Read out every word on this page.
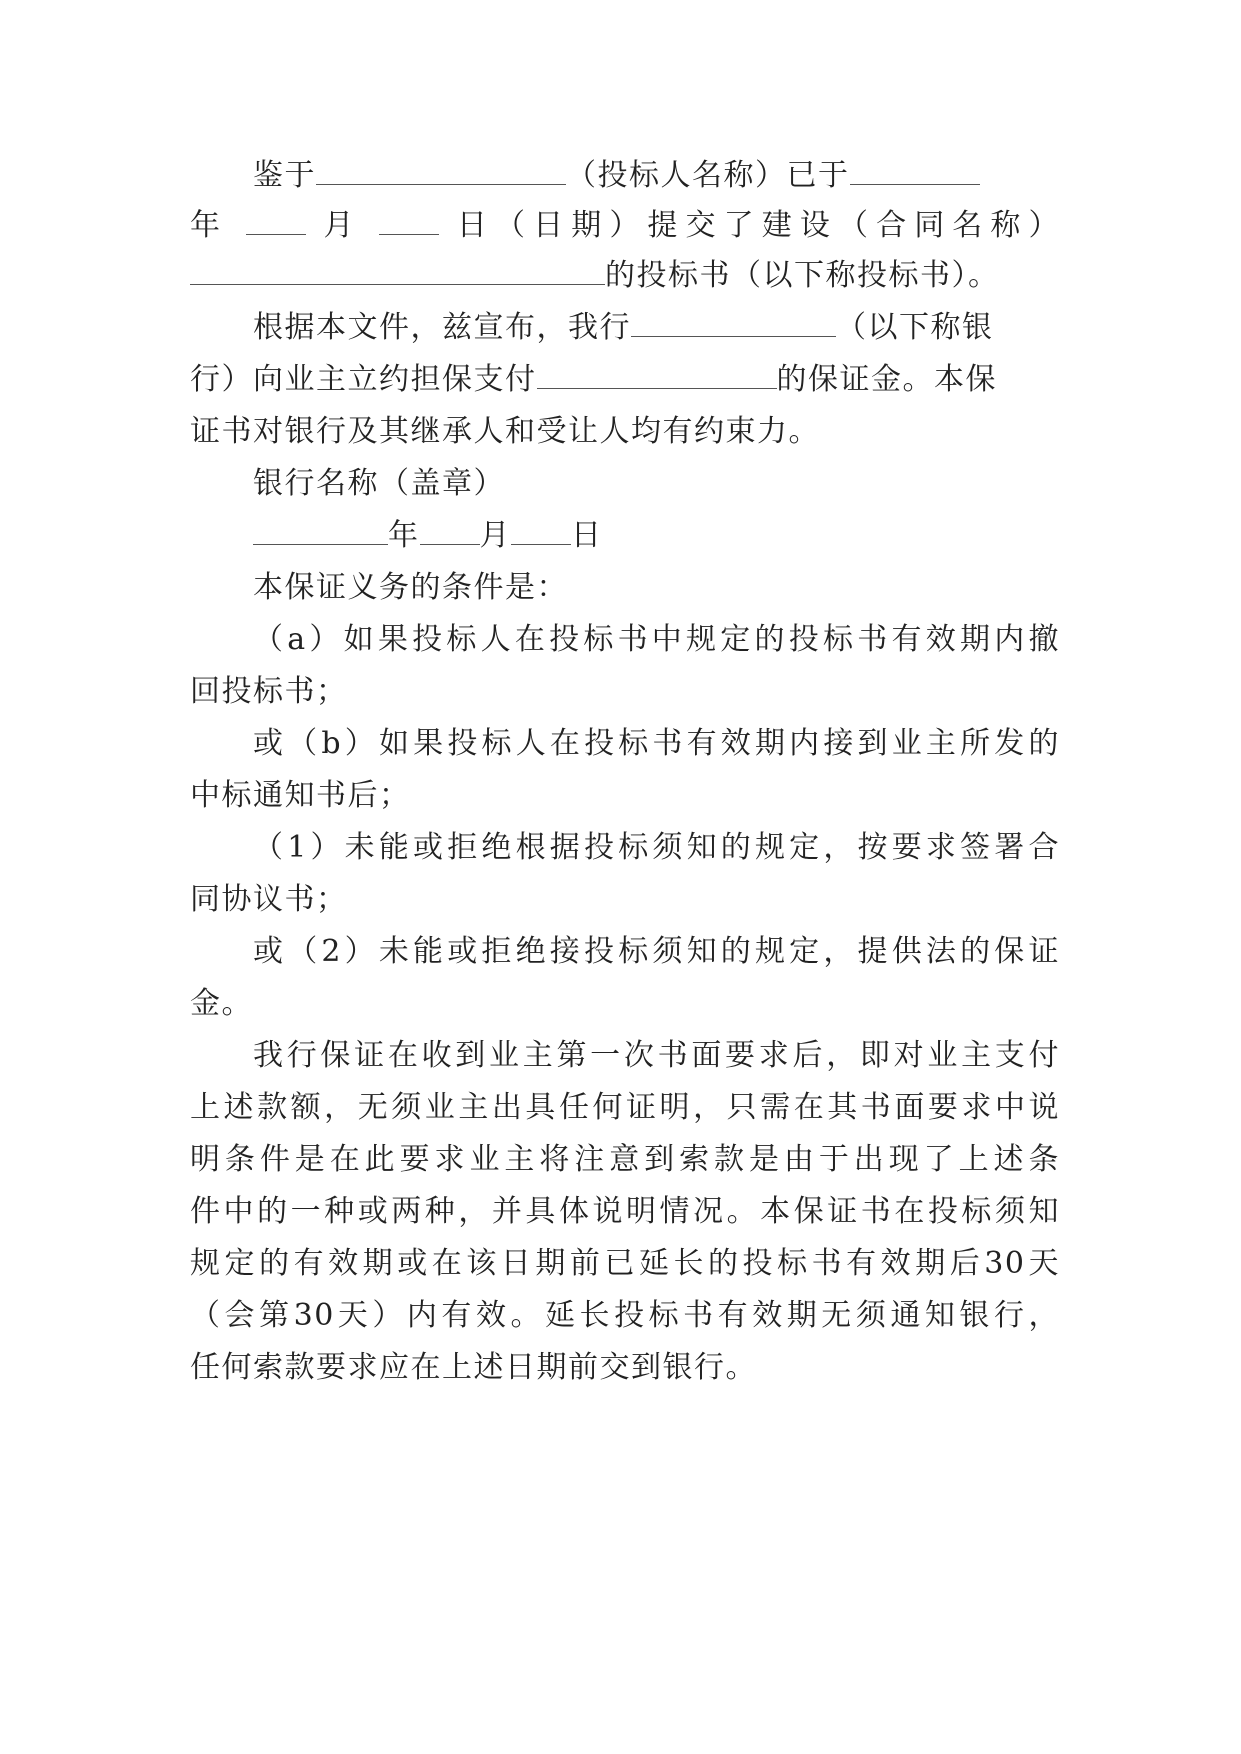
鉴于	（投标人名称）已于
年	月	日（日期）提交了建设（合同名称）
的投标书（以下称投标书）。
根据本文件，兹宣布，我行	（以下称银
行）向业主立约担保支付	的保证金。本保
证书对银行及其继承人和受让人均有约束力。
银行名称（盖章）
年 月 日
本保证义务的条件是：
（a）如果投标人在投标书中规定的投标书有效期内撤
回投标书；
或（b）如果投标人在投标书有效期内接到业主所发的
中标通知书后；
（1）未能或拒绝根据投标须知的规定，按要求签署合
同协议书；
或（2）未能或拒绝接投标须知的规定，提供法的保证
金。
我行保证在收到业主第一次书面要求后，即对业主支付
上述款额，无须业主出具任何证明，只需在其书面要求中说
明条件是在此要求业主将注意到索款是由于出现了上述条
件中的一种或两种，并具体说明情况。本保证书在投标须知
规定的有效期或在该日期前已延长的投标书有效期后30天
（会第30天）内有效。延长投标书有效期无须通知银行，
任何索款要求应在上述日期前交到银行。
